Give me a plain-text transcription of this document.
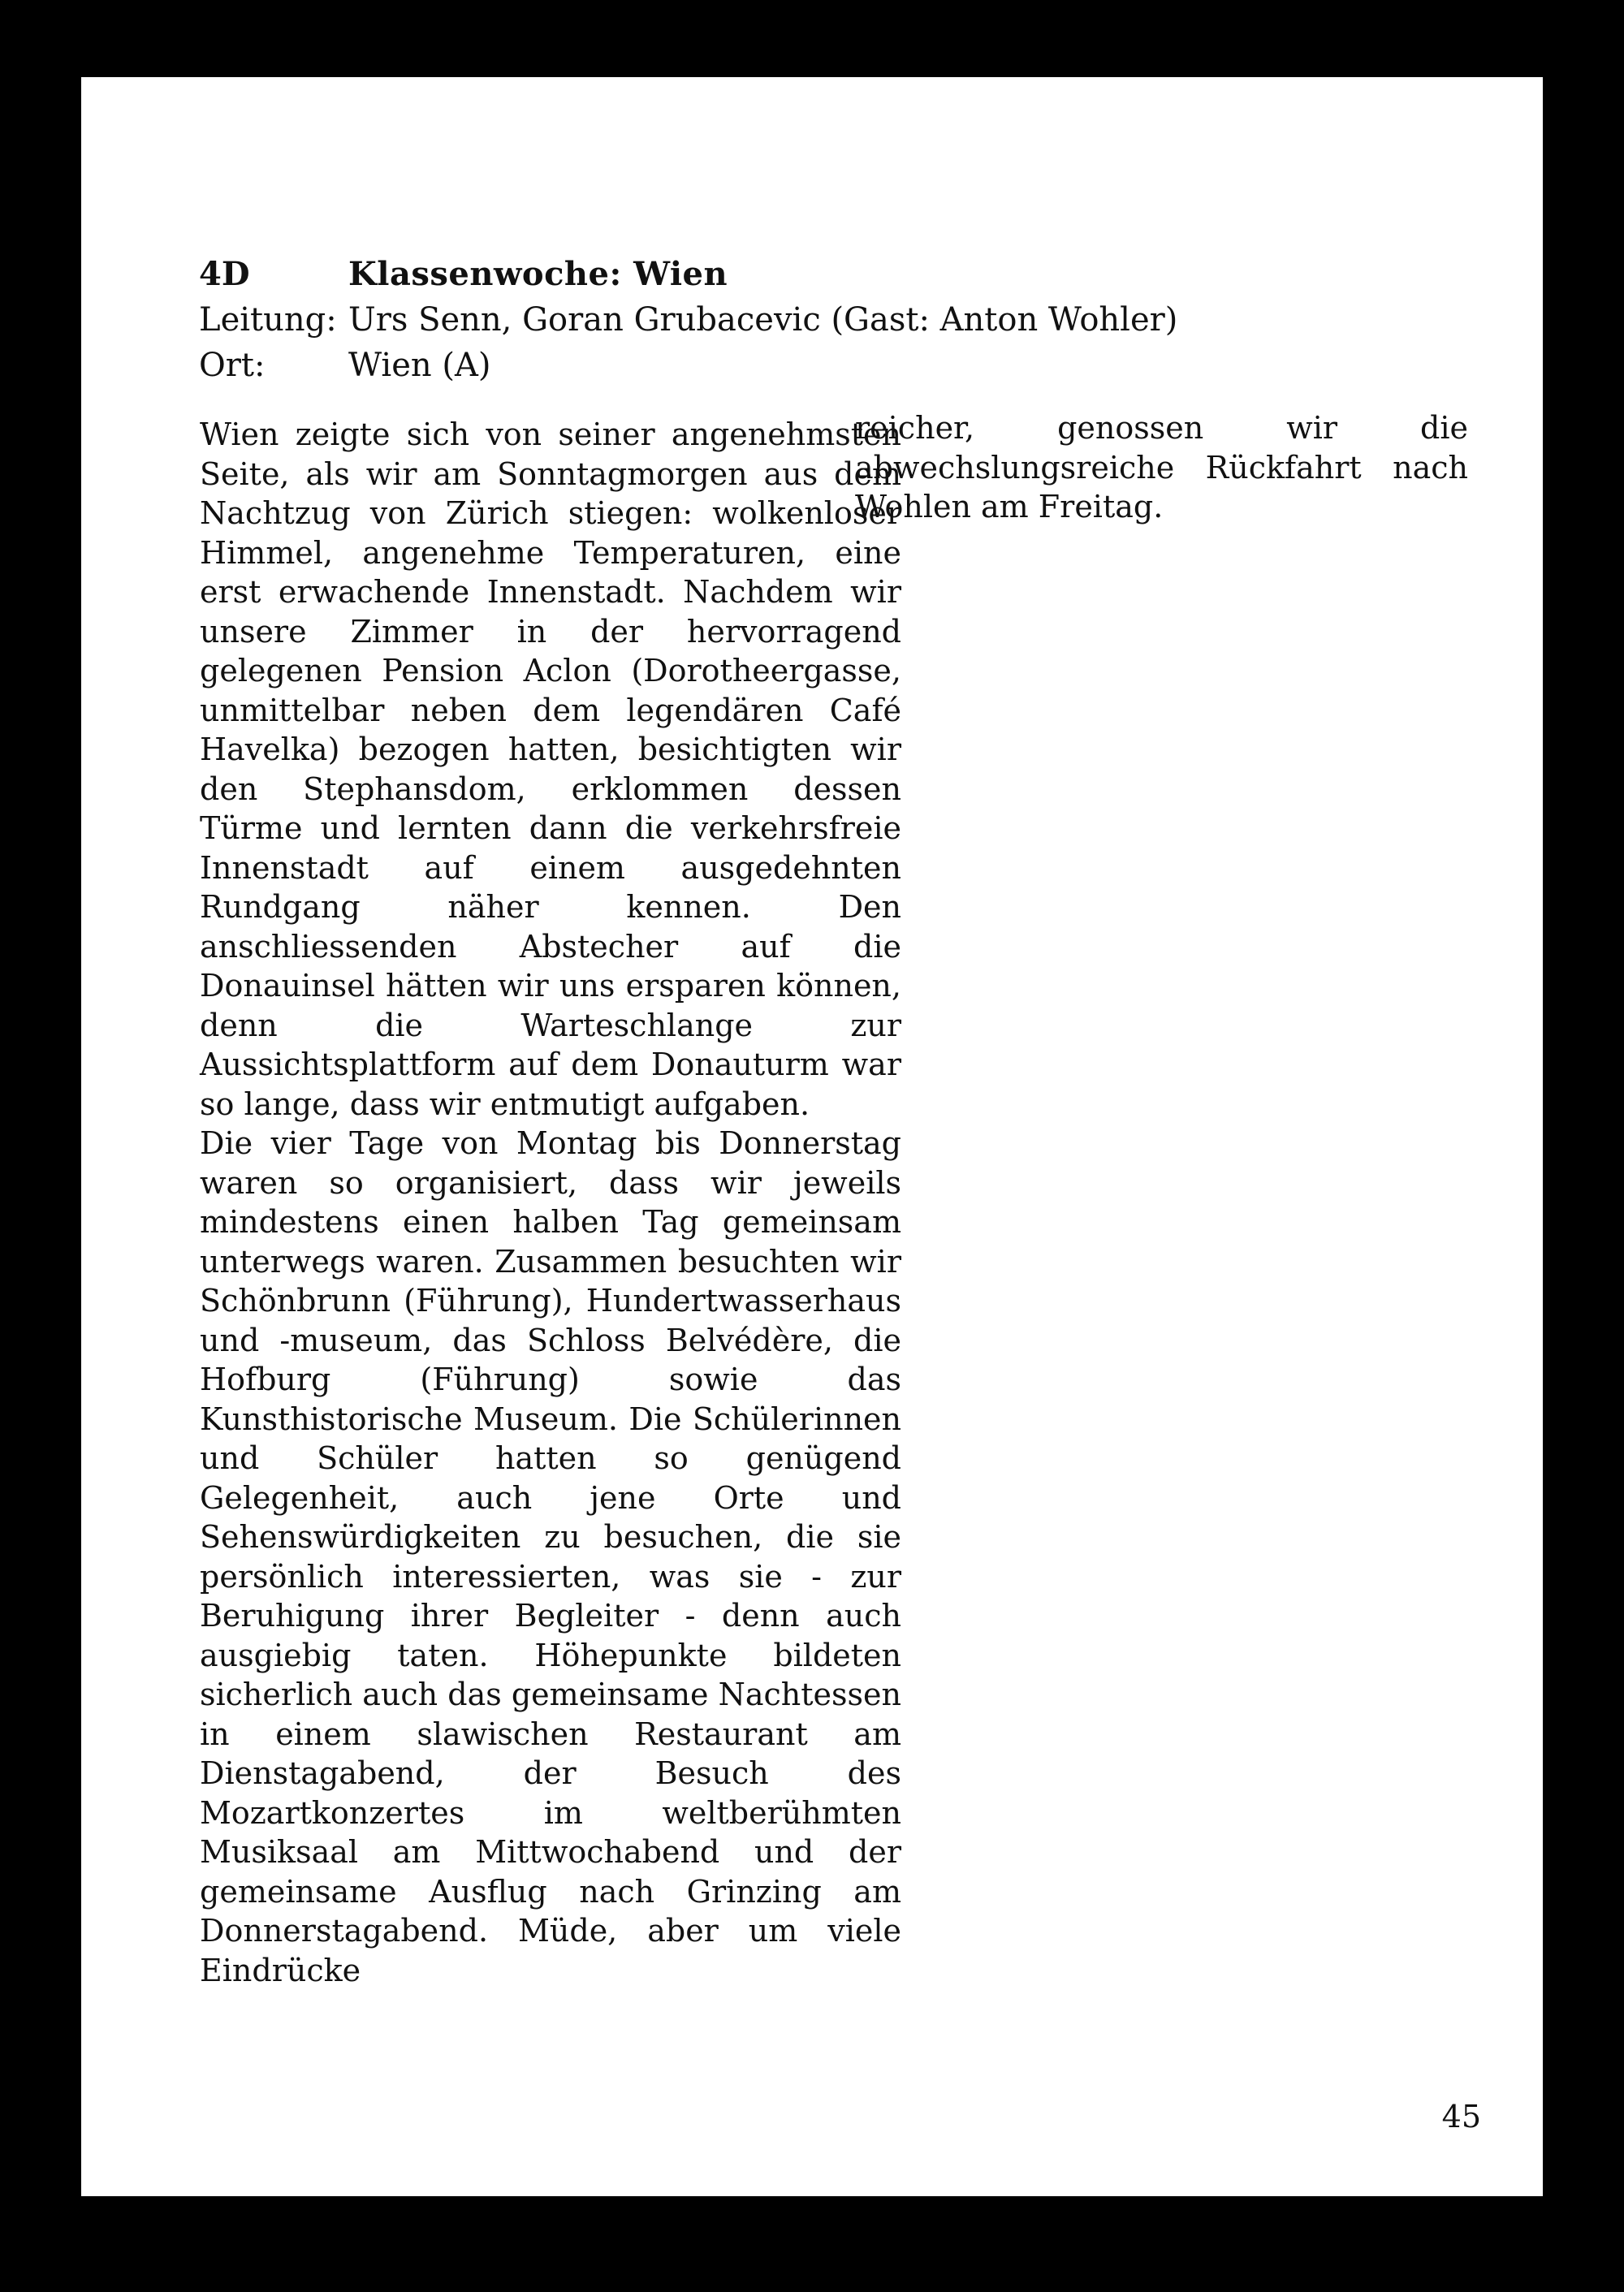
4D	Klassenwoche: Wien
Leitung: Urs Senn, Goran Grubacevic (Gast: Anton Wohler)
Ort:	Wien (A)

Wien zeigte sich von seiner angenehmsten Seite, als wir am Sonntagmorgen aus dem Nachtzug von Zürich stiegen: wolkenloser Himmel, angenehme Temperaturen, eine erst erwachende Innenstadt. Nachdem wir unsere Zimmer in der hervorragend gelegenen Pension Aclon (Dorotheergasse, unmittelbar neben dem legendären Café Havelka) bezogen hatten, besichtigten wir den Stephansdom, erklommen dessen Türme und lernten dann die verkehrsfreie Innenstadt auf einem ausgedehnten Rundgang näher kennen. Den anschliessenden Abstecher auf die Donauinsel hätten wir uns ersparen können, denn die Warteschlange zur Aussichtsplattform auf dem Donauturm war so lange, dass wir entmutigt aufgaben.

Die vier Tage von Montag bis Donnerstag waren so organisiert, dass wir jeweils mindestens einen halben Tag gemeinsam unterwegs waren. Zusammen besuchten wir Schönbrunn (Führung), Hundertwasserhaus und -museum, das Schloss Belvédère, die Hofburg (Führung) sowie das Kunsthistorische Museum. Die Schülerinnen und Schüler hatten so genügend Gelegenheit, auch jene Orte und Sehenswürdigkeiten zu besuchen, die sie persönlich interessierten, was sie - zur Beruhigung ihrer Begleiter - denn auch ausgiebig taten. Höhepunkte bildeten sicherlich auch das gemeinsame Nachtessen in einem slawischen Restaurant am Dienstagabend, der Besuch des Mozartkonzertes im weltberühmten Musiksaal am Mittwochabend und der gemeinsame Ausflug nach Grinzing am Donnerstagabend. Müde, aber um viele Eindrücke

reicher, genossen wir die abwechslungsreiche Rückfahrt nach Wohlen am Freitag.

45
